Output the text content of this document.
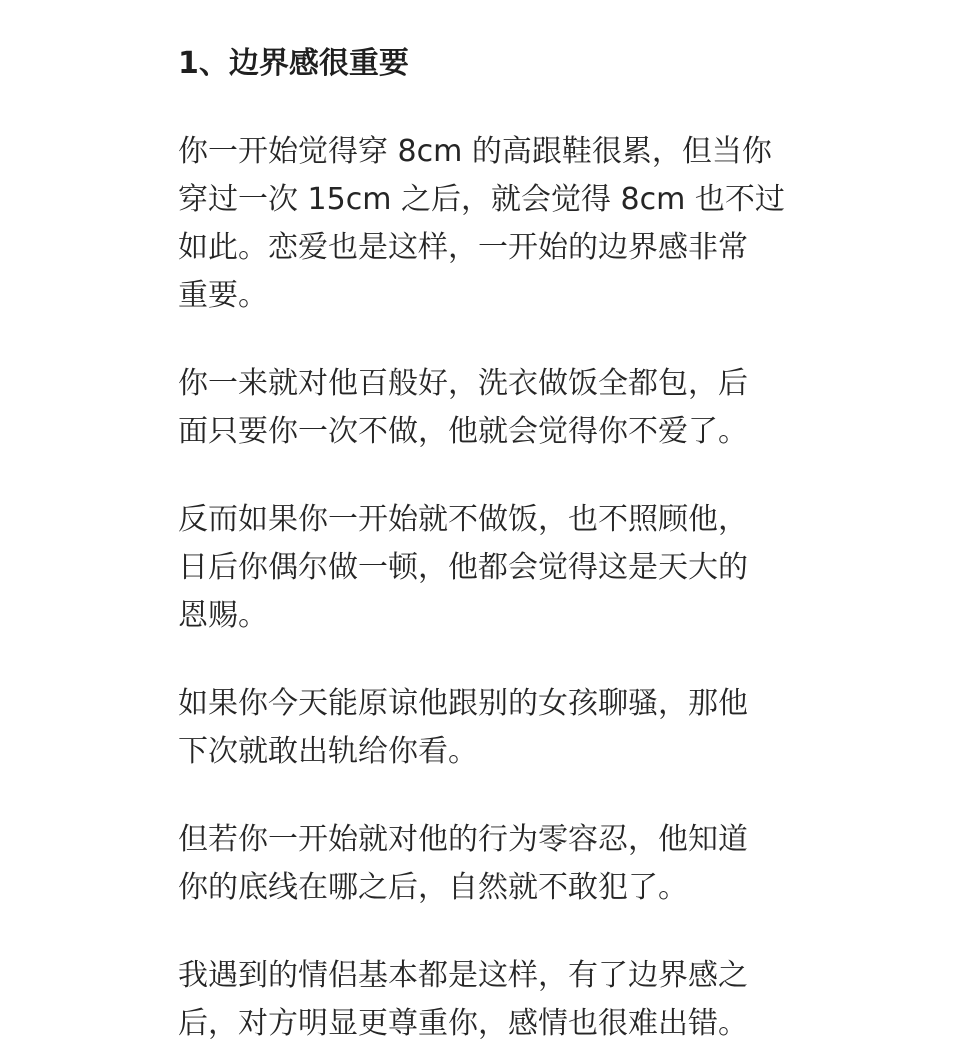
1、边界感很重要

你一开始觉得穿 8cm 的高跟鞋很累，但当你
穿过一次 15cm 之后，就会觉得 8cm 也不过
如此。恋爱也是这样，一开始的边界感非常
重要。

你一来就对他百般好，洗衣做饭全都包，后
面只要你一次不做，他就会觉得你不爱了。

反而如果你一开始就不做饭，也不照顾他，
日后你偶尔做一顿，他都会觉得这是天大的
恩赐。

如果你今天能原谅他跟别的女孩聊骚，那他
下次就敢出轨给你看。

但若你一开始就对他的行为零容忍，他知道
你的底线在哪之后，自然就不敢犯了。

我遇到的情侣基本都是这样，有了边界感之
后，对方明显更尊重你，感情也很难出错。
